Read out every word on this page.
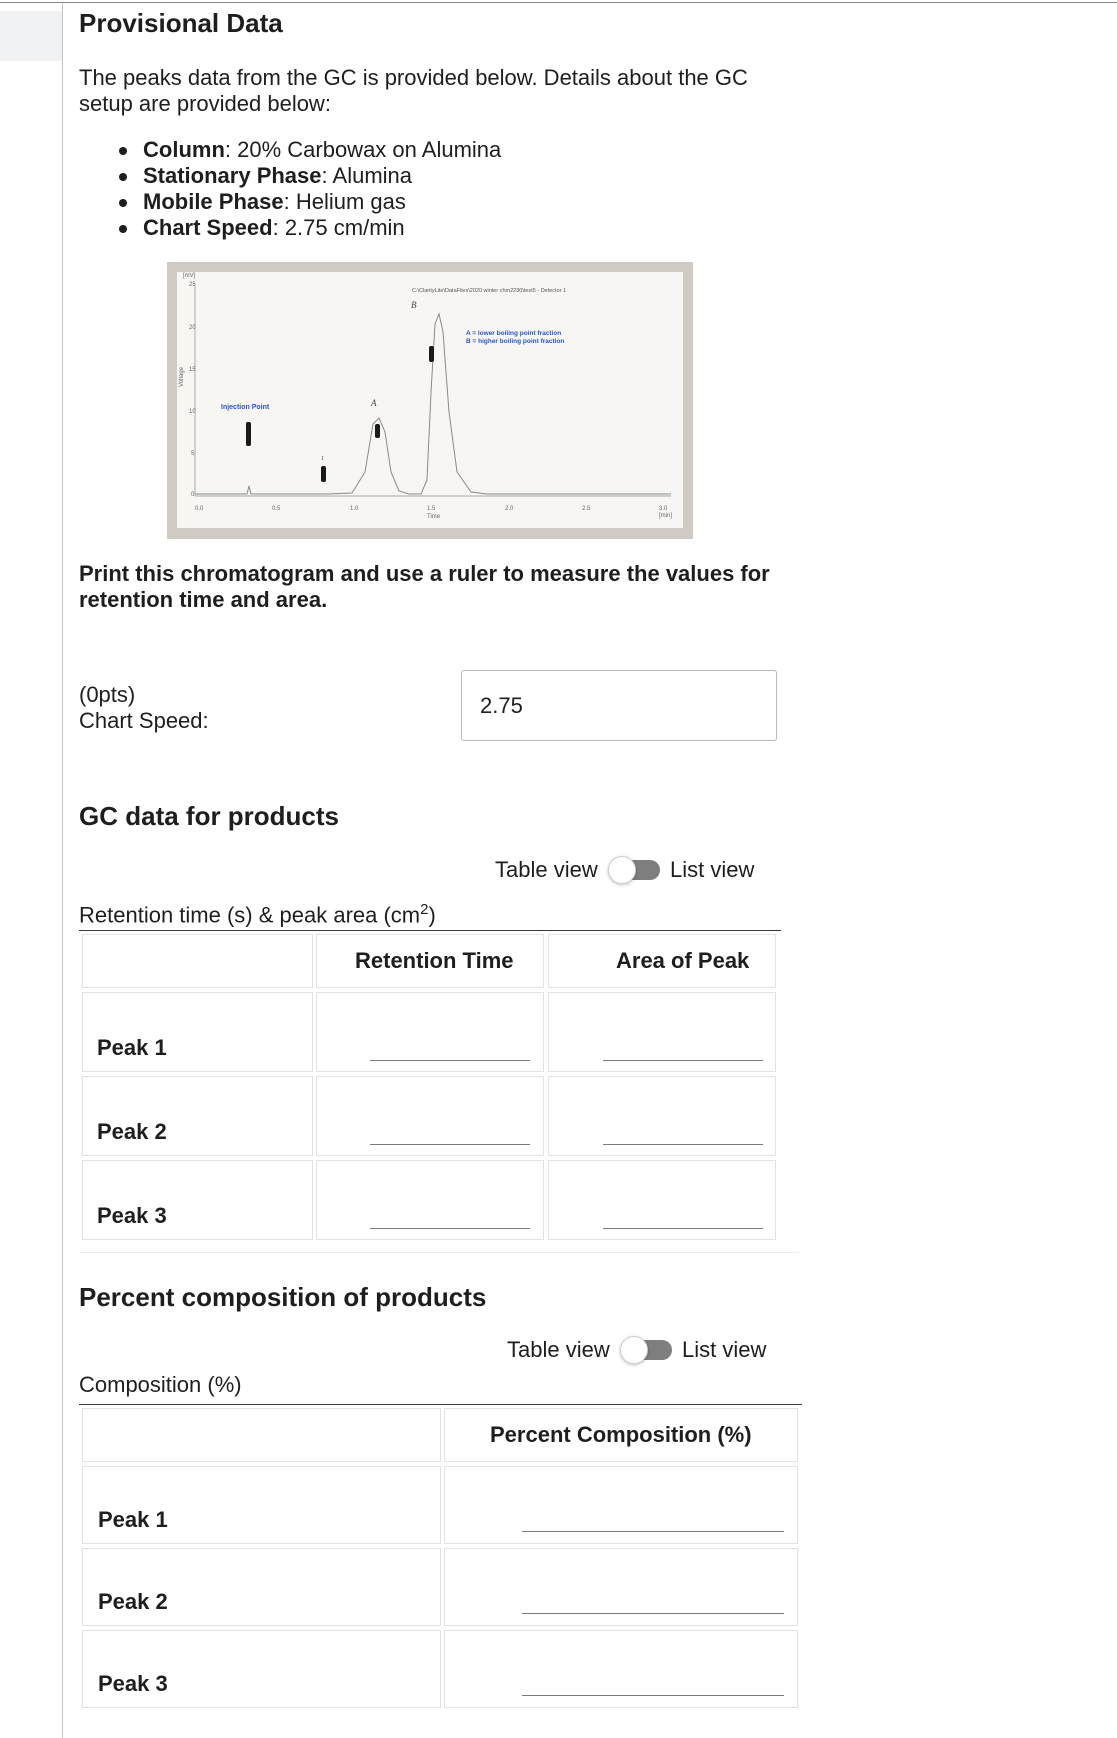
Provisional Data
The peaks data from the GC is provided below. Details about the GC setup are provided below:
Column: 20% Carbowax on Alumina
Stationary Phase: Alumina
Mobile Phase: Helium gas
Chart Speed: 2.75 cm/min
[mV]
Voltage
25
20
15
10
5
0
0.0	0.5	1.0	1.5	2.0	2.5	3.0
[min]
Time
C:\ClarityLite\DataFiles\2020 winter chm2230\test5 - Detector 1
Injection Point
A = lower boiling point fraction
B = higher boiling point fraction
A
B
1
Print this chromatogram and use a ruler to measure the values for retention time and area.
(0pts)
Chart Speed:
2.75
GC data for products
Table view	List view
Retention time (s) & peak area $(cm^2)$
Retention Time	Area of Peak
Peak 1
Peak 2
Peak 3
Percent composition of products
Table view	List view
Composition (%)
Percent Composition (%)
Peak 1
Peak 2
Peak 3
